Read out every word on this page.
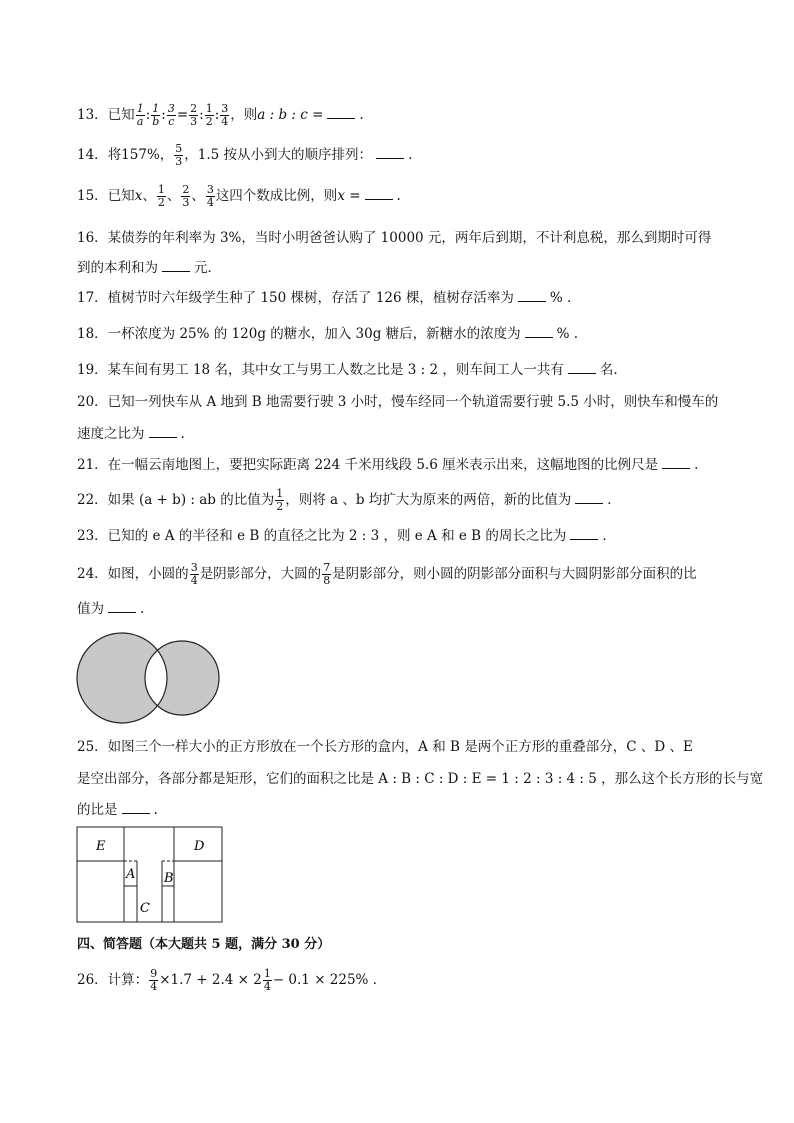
13．已知 $\frac{1}{a}$ : $\frac{1}{b}$ : $\frac{3}{c} = \frac{2}{3}$ : $\frac{1}{2}$ : $\frac{3}{4}$ ，则a : b : c =	.
14．将157%， $\frac{5}{3}$ ，1.5 按从小到大的顺序排列：	.
15．已知x、 $\frac{1}{2}$ 、 $\frac{2}{3}$ 、 $\frac{3}{4}$ 这四个数成比例，则x =	.
16．某债券的年利率为 3%，当时小明爸爸认购了 10000 元，两年后到期，不计利息税，那么到期时可得
到的本利和为	元．
17．植树节时六年级学生种了 150 棵树，存活了 126 棵，植树存活率为	% .
18．一杯浓度为 25% 的 120g 的糖水，加入 30g 糖后，新糖水的浓度为	% .
19．某车间有男工 18 名，其中女工与男工人数之比是 3 : 2 ，则车间工人一共有	名.
20．已知一列快车从 A 地到 B 地需要行驶 3 小时，慢车经同一个轨道需要行驶 5.5 小时，则快车和慢车的
速度之比为	.
21．在一幅云南地图上，要把实际距离 224 千米用线段 5.6 厘米表示出来，这幅地图的比例尺是	.
22．如果 (a + b) : ab 的比值为 $\frac{1}{2}$ ，则将 a 、b 均扩大为原来的两倍，新的比值为	.
23．已知的 e A 的半径和 e B 的直径之比为 2 : 3 ，则 e A 和 e B 的周长之比为	.
24．如图，小圆的 $\frac{3}{4}$ 是阴影部分，大圆的 $\frac{7}{8}$ 是阴影部分，则小圆的阴影部分面积与大圆阴影部分面积的比
值为	.
25．如图三个一样大小的正方形放在一个长方形的盒内，A 和 B 是两个正方形的重叠部分，C 、D 、E
是空出部分，各部分都是矩形，它们的面积之比是 A : B : C : D : E = 1 : 2 : 3 : 4 : 5 ，那么这个长方形的长与宽
的比是	.
E	D
A B
C
四、简答题（本大题共 5 题，满分 30 分）
26．计算： $\frac{9}{4} \times 1.7 + 2.4 \times 2 \frac{1}{4} - 0.1 \times 225\%$ .
